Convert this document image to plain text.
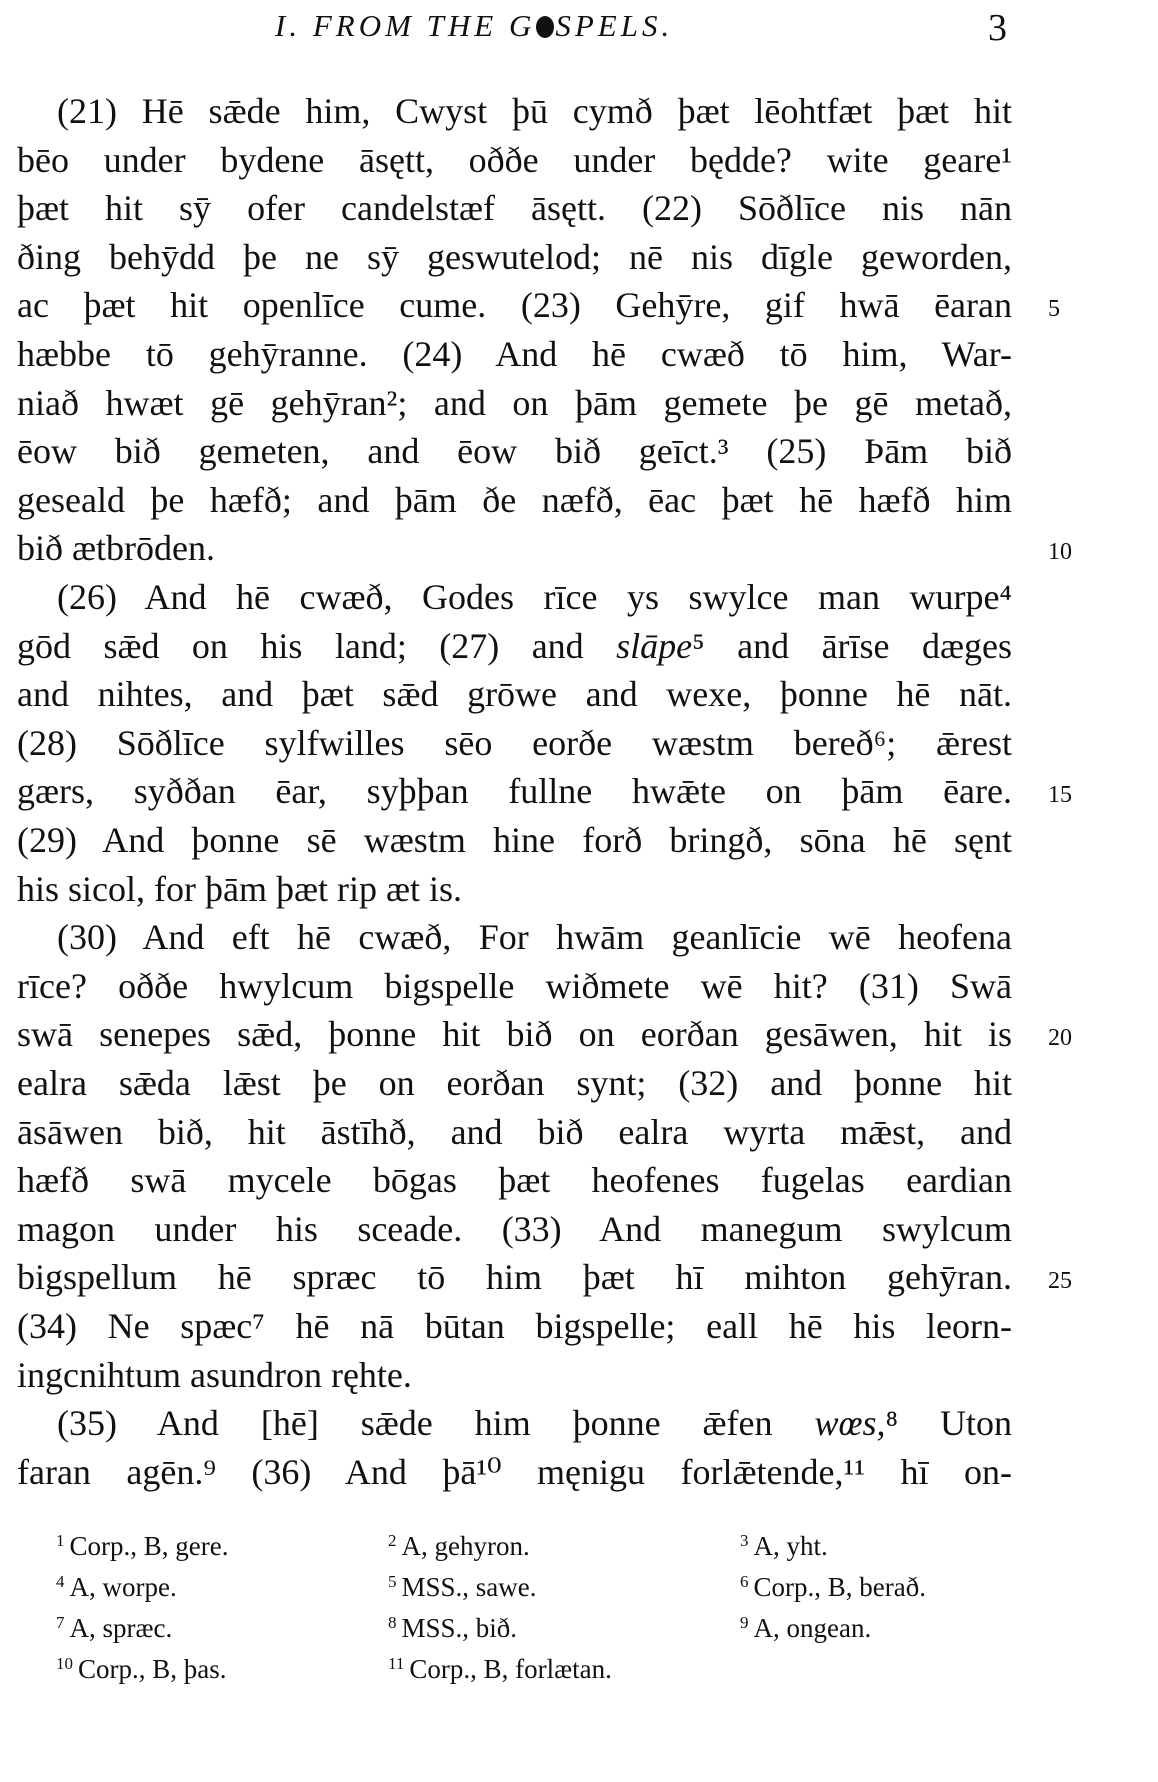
I. FROM THE G SPELS.	3
(21) Hē sǣde him, Cwyst þū cymð þæt lēohtfæt þæt hit
bēo under bydene āsętt, oððe under będdе? wite geare¹
þæt hit sȳ ofer candelstæf āsętt. (22) Sōðlīce nis nān
ðing behȳdd þe ne sȳ geswutelod; nē nis dīgle geworden,
ac þæt hit openlīce cume. (23) Gehȳre, gif hwā ēaran
hæbbe tō gehȳranne. (24) And hē cwæð tō him, War-
niað hwæt gē gehȳran²; and on þām gemete þe gē metað,
ēow bið gemeten, and ēow bið geīct.³ (25) Þām bið
geseald þe hæfð; and þām ðe næfð, ēac þæt hē hæfð him
bið ætbrōden.
(26) And hē cwæð, Godes rīce ys swylce man wurpe⁴
gōd sǣd on his land; (27) and slāpe⁵ and ārīse dæges
and nihtes, and þæt sǣd grōwe and wexe, þonne hē nāt.
(28) Sōðlīce sylfwilles sēo eorðe wæstm bereð⁶; ǣrest
gærs, syððan ēar, syþþan fullne hwǣte on þām ēare.
(29) And þonne sē wæstm hine forð bringð, sōna hē sęnt
his sicol, for þām þæt rip æt is.
(30) And eft hē cwæð, For hwām geanlīcie wē heofena
rīce? oððe hwylcum bigspelle wiðmete wē hit? (31) Swā
swā senepes sǣd, þonne hit bið on eorðan gesāwen, hit is
ealra sǣda lǣst þe on eorðan synt; (32) and þonne hit
āsāwen bið, hit āstīhð, and bið ealra wyrta mǣst, and
hæfð swā mycele bōgas þæt heofenes fugelas eardian
magon under his sceade. (33) And manegum swylcum
bigspellum hē spræc tō him þæt hī mihton gehȳran.
(34) Ne spæc⁷ hē nā būtan bigspelle; eall hē his leorn-
ingcnihtum asundron ręhte.
(35) And [hē] sǣde him þonne ǣfen wœs,⁸ Uton
faran agēn.⁹ (36) And þā¹⁰ męnigu forlǣtende,¹¹ hī on-
5
10
15
20
25
$^1$ Corp., B, gere.	$^2$ A, gehyron.	$^3$ A, yht.
$^4$ A, worpe.	$^5$ MSS., sawe.	$^6$ Corp., B, berað.
$^7$ A, spræc.	$^8$ MSS., bið.	$^9$ A, ongean.
$^{10}$ Corp., B, þas.	$^{11}$ Corp., B, forlætan.
